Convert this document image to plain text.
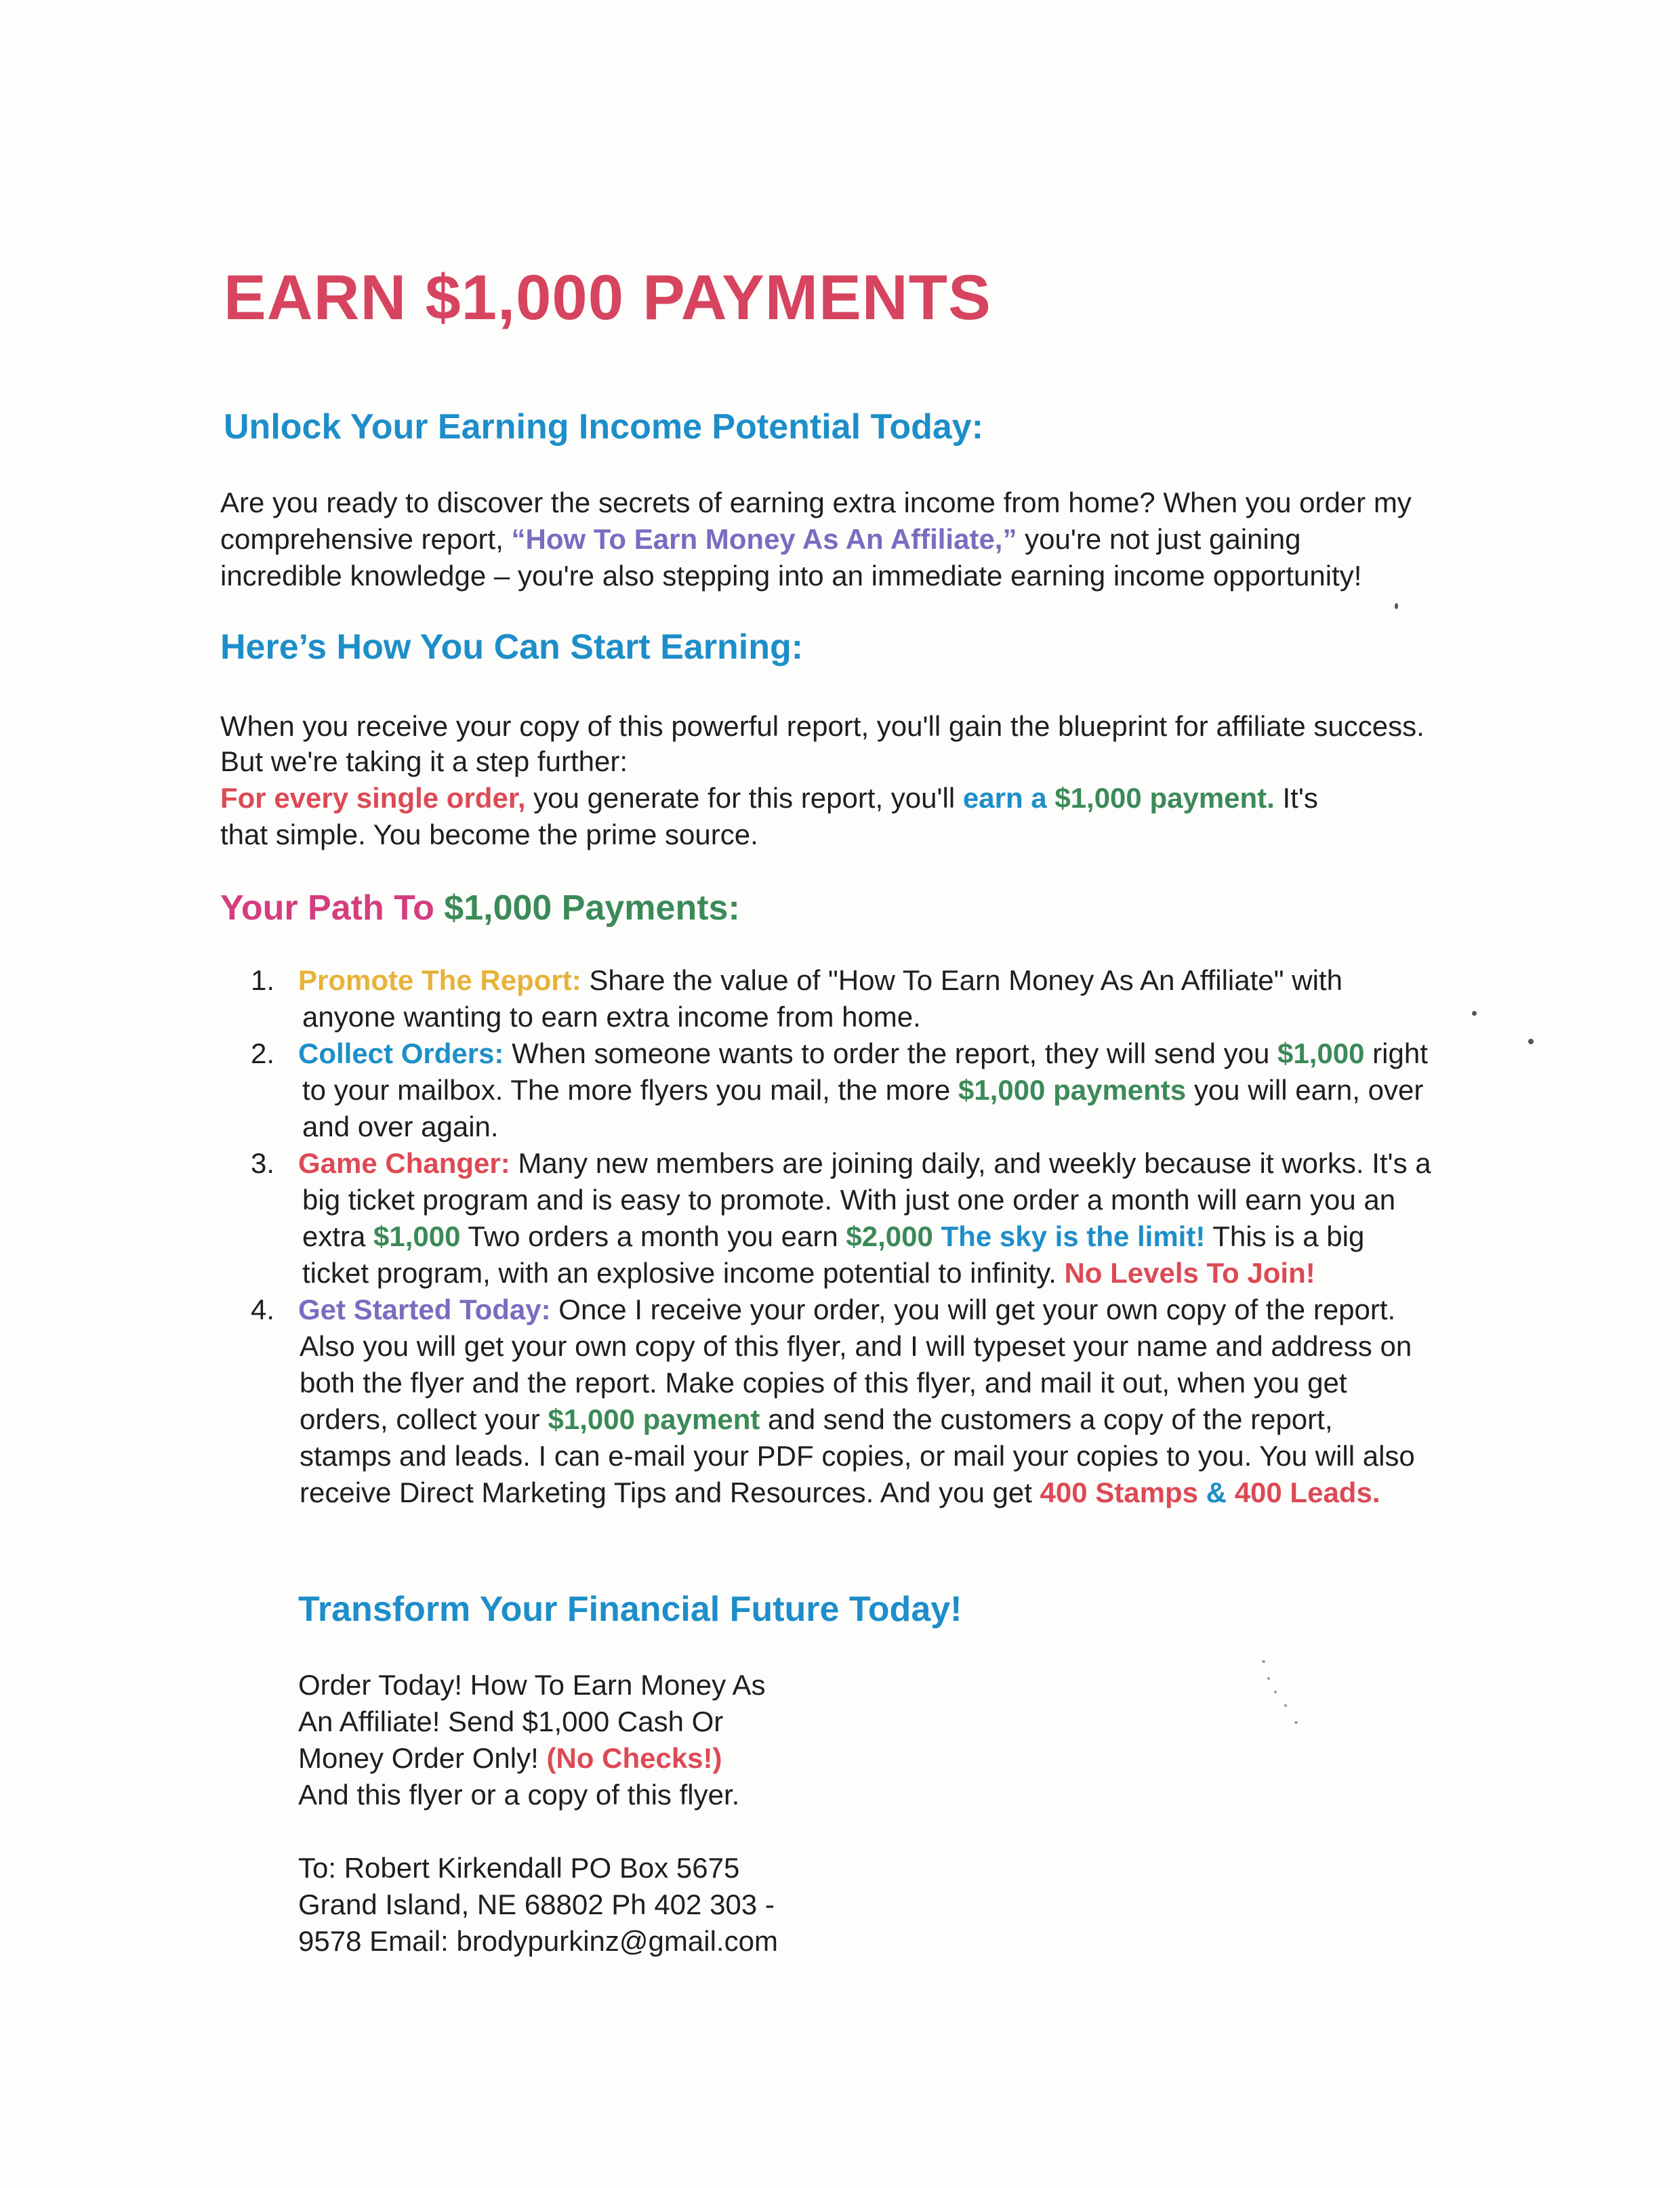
EARN $1,000 PAYMENTS
Unlock Your Earning Income Potential Today:

Are you ready to discover the secrets of earning extra income from home? When you order my

comprehensive report, “How To Earn Money As An Affiliate,” you're not just gaining

incredible knowledge – you're also stepping into an immediate earning income opportunity!

Here’s How You Can Start Earning:

When you receive your copy of this powerful report, you'll gain the blueprint for affiliate success.

But we're taking it a step further:

For every single order, you generate for this report, you'll earn a $1,000 payment. It's

that simple. You become the prime source.

Your Path To $1,000 Payments:
1. Promote The Report: Share the value of "How To Earn Money As An Affiliate" with
anyone wanting to earn extra income from home.
2. Collect Orders: When someone wants to order the report, they will send you $1,000 right
to your mailbox. The more flyers you mail, the more $1,000 payments you will earn, over
and over again.
3. Game Changer: Many new members are joining daily, and weekly because it works. It's a
big ticket program and is easy to promote. With just one order a month will earn you an
extra $1,000 Two orders a month you earn $2,000 The sky is the limit! This is a big
ticket program, with an explosive income potential to infinity. No Levels To Join!
4. Get Started Today: Once I receive your order, you will get your own copy of the report.
Also you will get your own copy of this flyer, and I will typeset your name and address on
both the flyer and the report. Make copies of this flyer, and mail it out, when you get
orders, collect your $1,000 payment and send the customers a copy of the report,
stamps and leads. I can e-mail your PDF copies, or mail your copies to you. You will also
receive Direct Marketing Tips and Resources. And you get 400 Stamps & 400 Leads.
Transform Your Financial Future Today!
Order Today! How To Earn Money As
An Affiliate! Send $1,000 Cash Or
Money Order Only! (No Checks!)
And this flyer or a copy of this flyer.
To: Robert Kirkendall PO Box 5675
Grand Island, NE 68802 Ph 402 303 -
9578 Email: brodypurkinz@gmail.com
